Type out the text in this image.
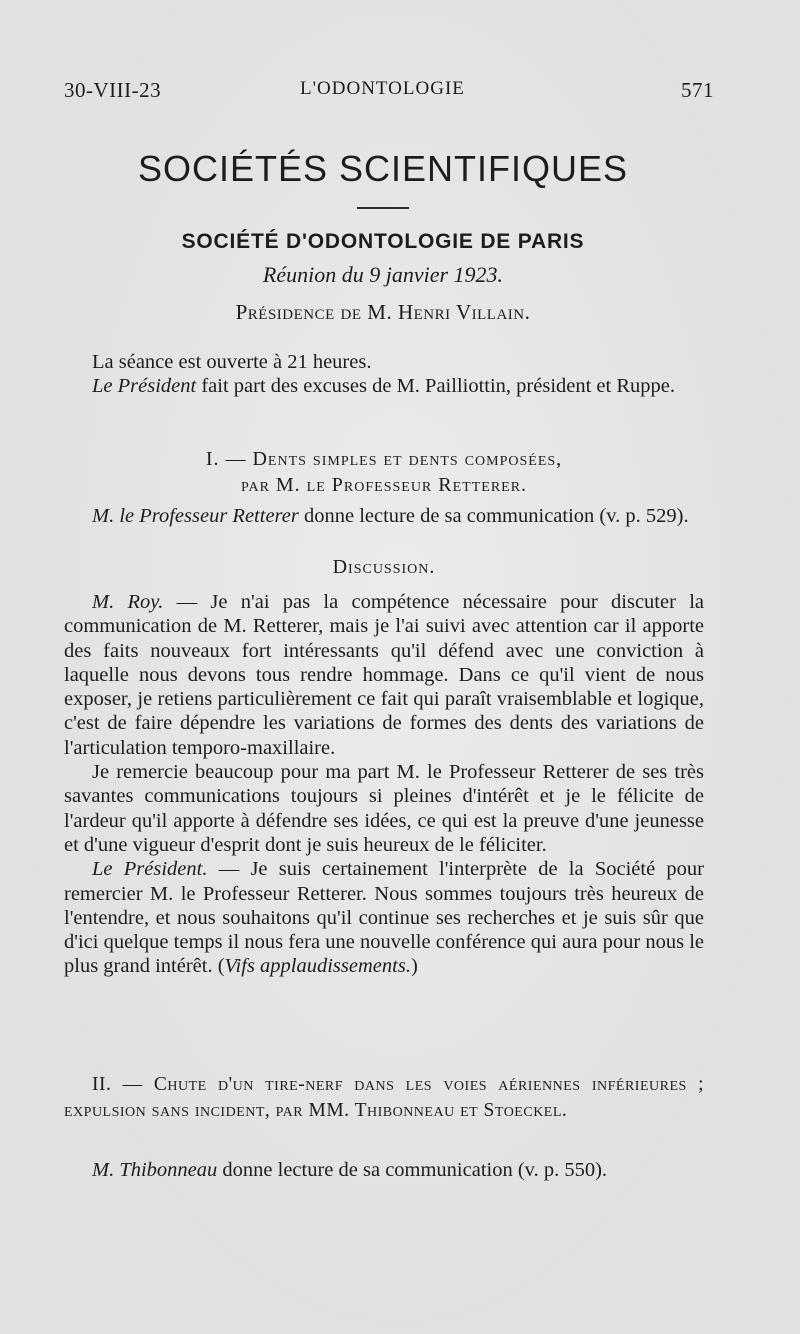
30-VIII-23	L'ODONTOLOGIE	571
SOCIÉTÉS SCIENTIFIQUES
SOCIÉTÉ D'ODONTOLOGIE DE PARIS
Réunion du 9 janvier 1923.
Présidence de M. Henri Villain.

La séance est ouverte à 21 heures.

Le Président fait part des excuses de M. Pailliottin, président et Ruppe.

I. — Dents simples et dents composées,
par M. le Professeur Retterer.

M. le Professeur Retterer donne lecture de sa communication (v. p. 529).

Discussion.

M. Roy. — Je n'ai pas la compétence nécessaire pour discuter la communication de M. Retterer, mais je l'ai suivi avec attention car il apporte des faits nouveaux fort intéressants qu'il défend avec une conviction à laquelle nous devons tous rendre hommage. Dans ce qu'il vient de nous exposer, je retiens particulièrement ce fait qui paraît vraisemblable et logique, c'est de faire dépendre les variations de formes des dents des variations de l'articulation temporo-maxillaire.

Je remercie beaucoup pour ma part M. le Professeur Retterer de ses très savantes communications toujours si pleines d'intérêt et je le félicite de l'ardeur qu'il apporte à défendre ses idées, ce qui est la preuve d'une jeunesse et d'une vigueur d'esprit dont je suis heureux de le féliciter.

Le Président. — Je suis certainement l'interprète de la Société pour remercier M. le Professeur Retterer. Nous sommes toujours très heureux de l'entendre, et nous souhaitons qu'il continue ses recherches et je suis sûr que d'ici quelque temps il nous fera une nouvelle conférence qui aura pour nous le plus grand intérêt. (Vifs applaudissements.)

II. — Chute d'un tire-nerf dans les voies aériennes inférieures ; expulsion sans incident, par MM. Thibonneau et Stoeckel.

M. Thibonneau donne lecture de sa communication (v. p. 550).
